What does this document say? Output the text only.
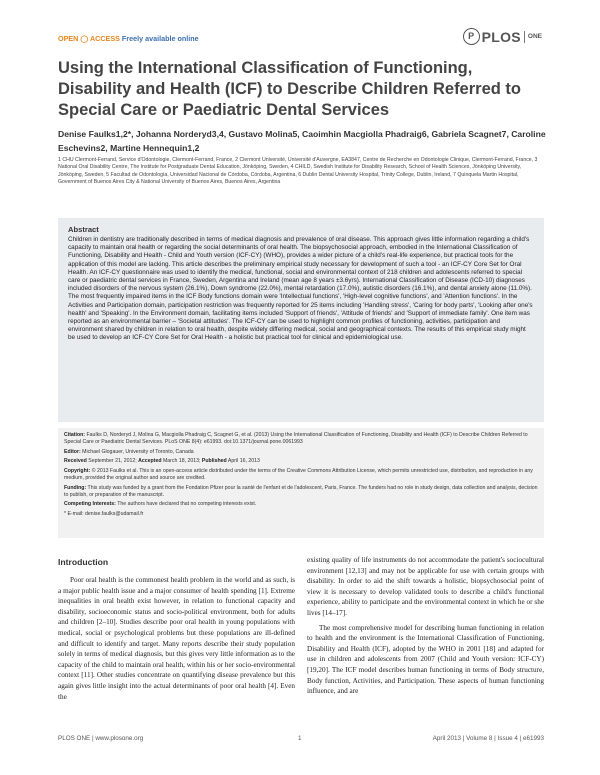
OPEN ◯ ACCESS Freely available online	P PLOS ONE
Using the International Classification of Functioning, Disability and Health (ICF) to Describe Children Referred to Special Care or Paediatric Dental Services
Denise Faulks1,2*, Johanna Norderyd3,4, Gustavo Molina5, Caoimhin Macgiolla Phadraig6, Gabriela Scagnet7, Caroline Eschevins2, Martine Hennequin1,2
1 CHU Clermont-Ferrand, Service d'Odontologie, Clermont-Ferrand, France, 2 Clermont Université, Université d'Auvergne, EA3847, Centre de Recherche en Odontologie Clinique, Clermont-Ferrand, France, 3 National Oral Disability Centre, The Institute for Postgraduate Dental Education, Jönköping, Sweden, 4 CHILD, Swedish Institute for Disability Research, School of Health Sciences, Jönköping University, Jönköping, Sweden, 5 Facultad de Odontología, Universidad Nacional de Córdoba, Córdoba, Argentina, 6 Dublin Dental University Hospital, Trinity College, Dublin, Ireland, 7 Quinquela Martin Hospital, Government of Buenos Aires City & National University of Buenos Aires, Buenos Aires, Argentina
Abstract
Children in dentistry are traditionally described in terms of medical diagnosis and prevalence of oral disease. This approach gives little information regarding a child's capacity to maintain oral health or regarding the social determinants of oral health. The biopsychosocial approach, embodied in the International Classification of Functioning, Disability and Health - Child and Youth version (ICF-CY) (WHO), provides a wider picture of a child's real-life experience, but practical tools for the application of this model are lacking. This article describes the preliminary empirical study necessary for development of such a tool - an ICF-CY Core Set for Oral Health. An ICF-CY questionnaire was used to identify the medical, functional, social and environmental context of 218 children and adolescents referred to special care or paediatric dental services in France, Sweden, Argentina and Ireland (mean age 8 years ±3.6yrs). International Classification of Disease (ICD-10) diagnoses included disorders of the nervous system (26.1%), Down syndrome (22.0%), mental retardation (17.0%), autistic disorders (16.1%), and dental anxiety alone (11.0%). The most frequently impaired items in the ICF Body functions domain were 'Intellectual functions', 'High-level cognitive functions', and 'Attention functions'. In the Activities and Participation domain, participation restriction was frequently reported for 25 items including 'Handling stress', 'Caring for body parts', 'Looking after one's health' and 'Speaking'. In the Environment domain, facilitating items included 'Support of friends', 'Attitude of friends' and 'Support of immediate family'. One item was reported as an environmental barrier – 'Societal attitudes'. The ICF-CY can be used to highlight common profiles of functioning, activities, participation and environment shared by children in relation to oral health, despite widely differing medical, social and geographical contexts. The results of this empirical study might be used to develop an ICF-CY Core Set for Oral Health - a holistic but practical tool for clinical and epidemiological use.

Citation: Faulks D, Norderyd J, Molina G, Macgiolla Phadraig C, Scagnet G, et al. (2013) Using the International Classification of Functioning, Disability and Health (ICF) to Describe Children Referred to Special Care or Paediatric Dental Services. PLoS ONE 8(4): e61993. doi:10.1371/journal.pone.0061993

Editor: Michael Glogauer, University of Toronto, Canada

Received September 21, 2012; Accepted March 18, 2013; Published April 16, 2013

Copyright: © 2013 Faulks et al. This is an open-access article distributed under the terms of the Creative Commons Attribution License, which permits unrestricted use, distribution, and reproduction in any medium, provided the original author and source are credited.

Funding: This study was funded by a grant from the Fondation Pfizer pour la santé de l'enfant et de l'adolescent, Paris, France. The funders had no role in study design, data collection and analysis, decision to publish, or preparation of the manuscript.

Competing Interests: The authors have declared that no competing interests exist.

* E-mail: denise.faulks@udamail.fr

Introduction
Poor oral health is the commonest health problem in the world and as such, is a major public health issue and a major consumer of health spending [1]. Extreme inequalities in oral health exist however, in relation to functional capacity and disability, socioeconomic status and socio-political environment, both for adults and children [2–10]. Studies describe poor oral health in young populations with medical, social or psychological problems but these populations are ill-defined and difficult to identify and target. Many reports describe their study population solely in terms of medical diagnosis, but this gives very little information as to the capacity of the child to maintain oral health, within his or her socio-environmental context [11]. Other studies concentrate on quantifying disease prevalence but this again gives little insight into the actual determinants of poor oral health [4]. Even the

existing quality of life instruments do not accommodate the patient's sociocultural environment [12,13] and may not be applicable for use with certain groups with disability. In order to aid the shift towards a holistic, biopsychosocial point of view it is necessary to develop validated tools to describe a child's functional experience, ability to participate and the environmental context in which he or she lives [14–17].

The most comprehensive model for describing human functioning in relation to health and the environment is the International Classification of Functioning, Disability and Health (ICF), adopted by the WHO in 2001 [18] and adapted for use in children and adolescents from 2007 (Child and Youth version: ICF-CY) [19,20]. The ICF model describes human functioning in terms of Body structure, Body function, Activities, and Participation. These aspects of human functioning influence, and are

PLOS ONE | www.plosone.org	1	April 2013 | Volume 8 | Issue 4 | e61993
